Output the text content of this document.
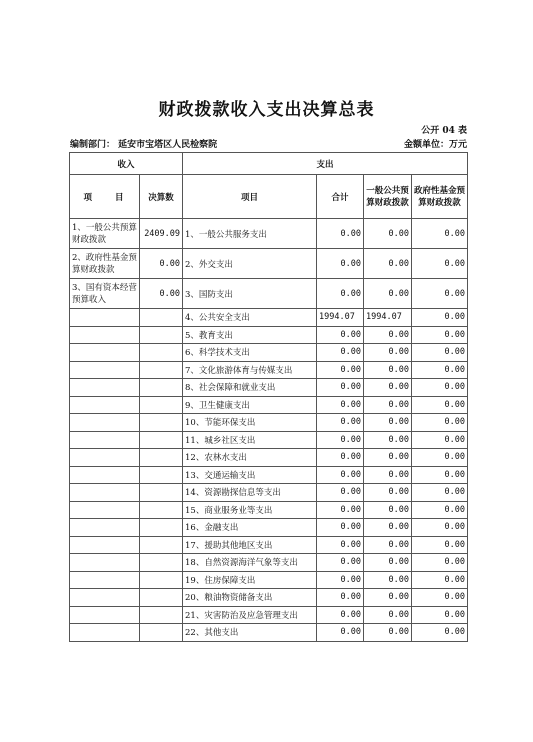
财政拨款收入支出决算总表
公开 04 表
编制部门： 延安市宝塔区人民检察院	金额单位：万元
收入		支出			
项　　目	决算数	项目	合计	一般公共预算财政拨款	政府性基金预算财政拨款
1、一般公共预算财政拨款	2409.09	1、一般公共服务支出	0.00	0.00	0.00
2、政府性基金预算财政拨款	0.00	2、外交支出	0.00	0.00	0.00
3、国有资本经营预算收入	0.00	3、国防支出	0.00	0.00	0.00
		4、公共安全支出	1994.07	1994.07	0.00
		5、教育支出	0.00	0.00	0.00
		6、科学技术支出	0.00	0.00	0.00
		7、文化旅游体育与传媒支出	0.00	0.00	0.00
		8、社会保障和就业支出	0.00	0.00	0.00
		9、卫生健康支出	0.00	0.00	0.00
		10、节能环保支出	0.00	0.00	0.00
		11、城乡社区支出	0.00	0.00	0.00
		12、农林水支出	0.00	0.00	0.00
		13、交通运输支出	0.00	0.00	0.00
		14、资源勘探信息等支出	0.00	0.00	0.00
		15、商业服务业等支出	0.00	0.00	0.00
		16、金融支出	0.00	0.00	0.00
		17、援助其他地区支出	0.00	0.00	0.00
		18、自然资源海洋气象等支出	0.00	0.00	0.00
		19、住房保障支出	0.00	0.00	0.00
		20、粮油物资储备支出	0.00	0.00	0.00
		21、灾害防治及应急管理支出	0.00	0.00	0.00
		22、其他支出	0.00	0.00	0.00
